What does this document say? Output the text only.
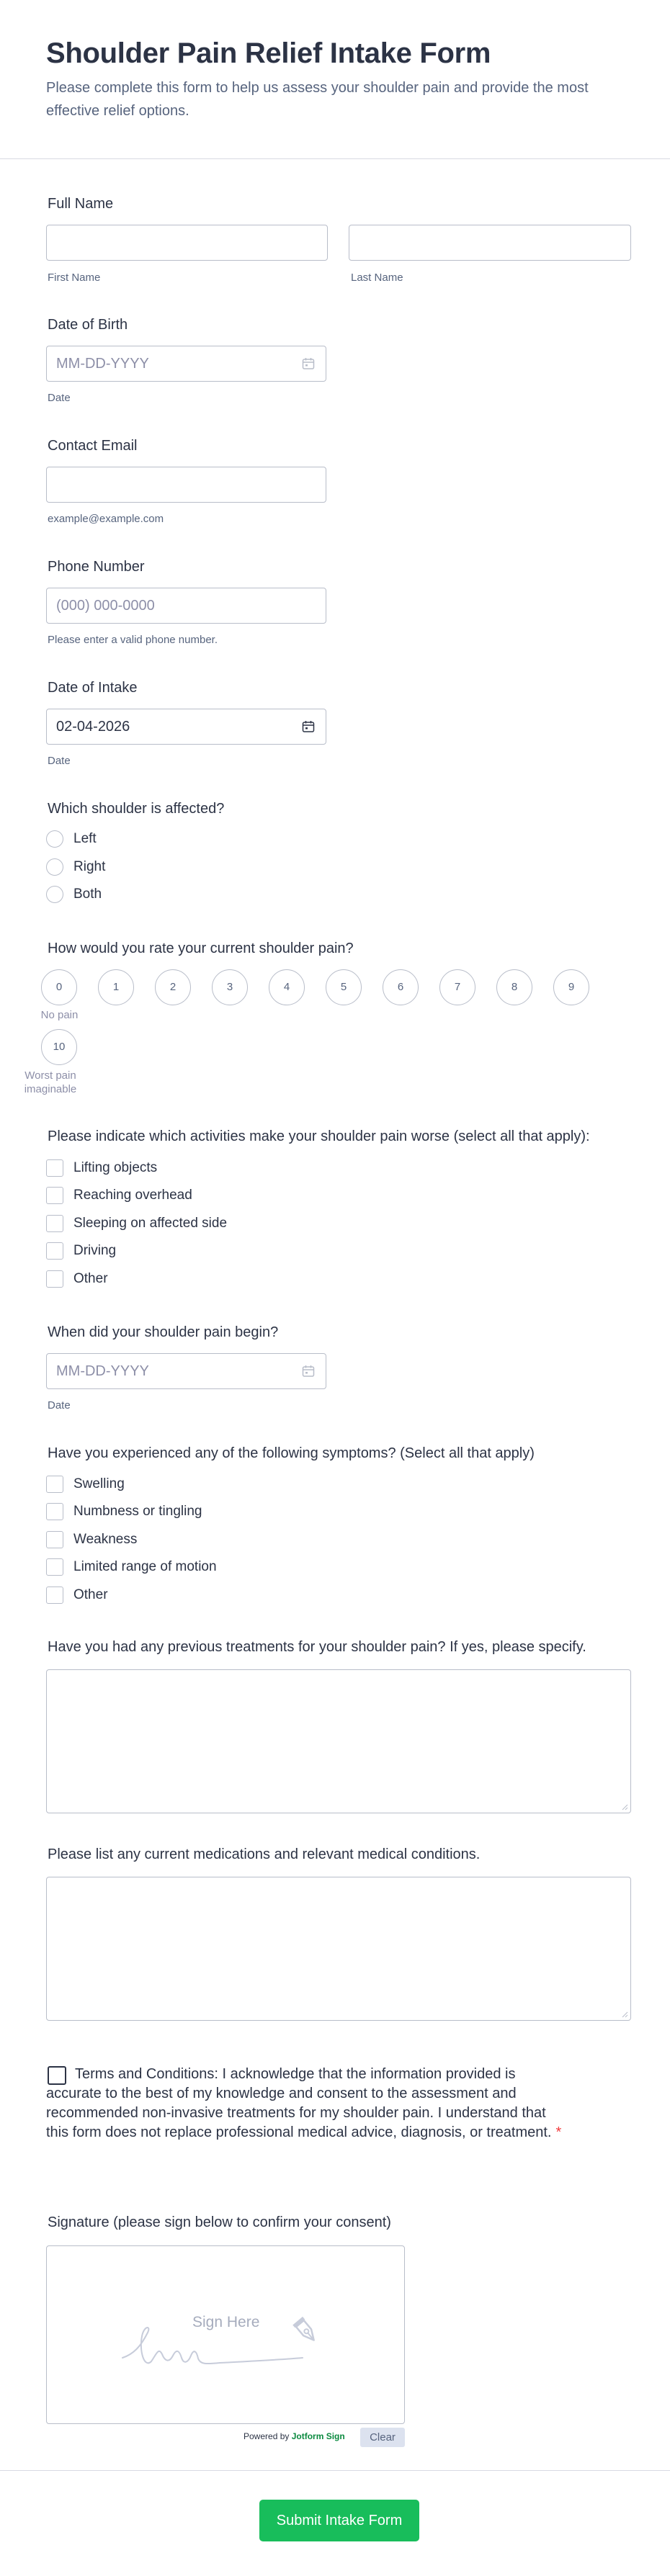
Shoulder Pain Relief Intake Form
Please complete this form to help us assess your shoulder pain and provide the most effective relief options.
Full Name
First Name	Last Name
Date of Birth
MM-DD-YYYY
Date
Contact Email
example@example.com
Phone Number
(000) 000-0000
Please enter a valid phone number.
Date of Intake
02-04-2026
Date
Which shoulder is affected?
Left
Right
Both
How would you rate your current shoulder pain?
No pain
Worst pain
imaginable
Please indicate which activities make your shoulder pain worse (select all that apply):
Lifting objects
Reaching overhead
Sleeping on affected side
Driving
Other
When did your shoulder pain begin?
MM-DD-YYYY
Date
Have you experienced any of the following symptoms? (Select all that apply)
Swelling
Numbness or tingling
Weakness
Limited range of motion
Other
Have you had any previous treatments for your shoulder pain? If yes, please specify.
Please list any current medications and relevant medical conditions.
Terms and Conditions: I acknowledge that the information provided is accurate to the best of my knowledge and consent to the assessment and recommended non-invasive treatments for my shoulder pain. I understand that this form does not replace professional medical advice, diagnosis, or treatment. *
Signature (please sign below to confirm your consent)
Sign Here
Powered by Jotform Sign	Clear
Submit Intake Form
0	1	2	3	4	5	6	7	8	9
10
